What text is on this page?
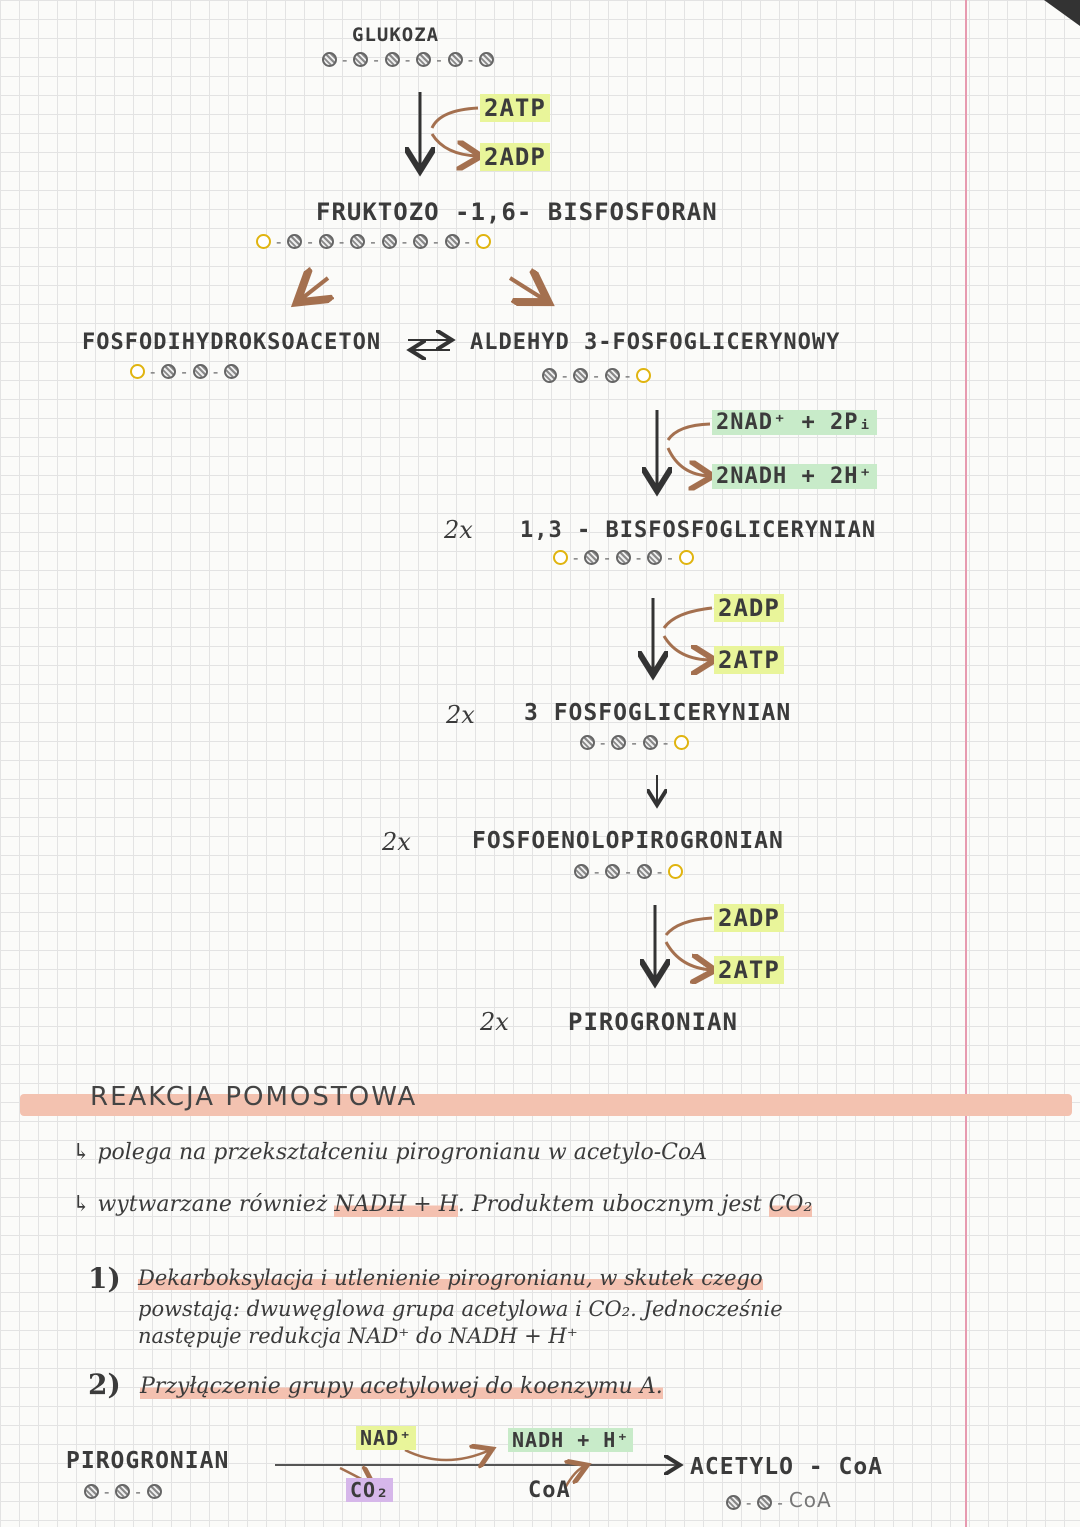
GLUKOZA
- - - - -
2ATP
2ADP
FRUKTOZO -1,6- BISFOSFORAN
- - - - - - -
FOSFODIHYDROKSOACETON
- - -
ALDEHYD 3-FOSFOGLICERYNOWY
- - -
2NAD⁺ + 2Pᵢ
2NADH + 2H⁺
2x 1,3 - BISFOSFOGLICERYNIAN
- - - -
2ADP
2ATP
2x 3 FOSFOGLICERYNIAN
- - -
2x	FOSFOENOLOPIROGRONIAN
- - -
2ADP
2ATP
2x PIROGRONIAN
REAKCJA POMOSTOWA
↳ polega na przekształceniu pirogronianu w acetylo-CoA
↳ wytwarzane również NADH + H. Produktem ubocznym jest CO₂
1) Dekarboksylacja i utlenienie pirogronianu, w skutek czego
powstają: dwuwęglowa grupa acetylowa i CO₂. Jednocześnie
następuje redukcja NAD⁺ do NADH + H⁺
2) Przyłączenie grupy acetylowej do koenzymu A.
PIROGRONIAN
- -
NAD⁺	NADH + H⁺
CO₂	CoA
ACETYLO - CoA
- - CoA
